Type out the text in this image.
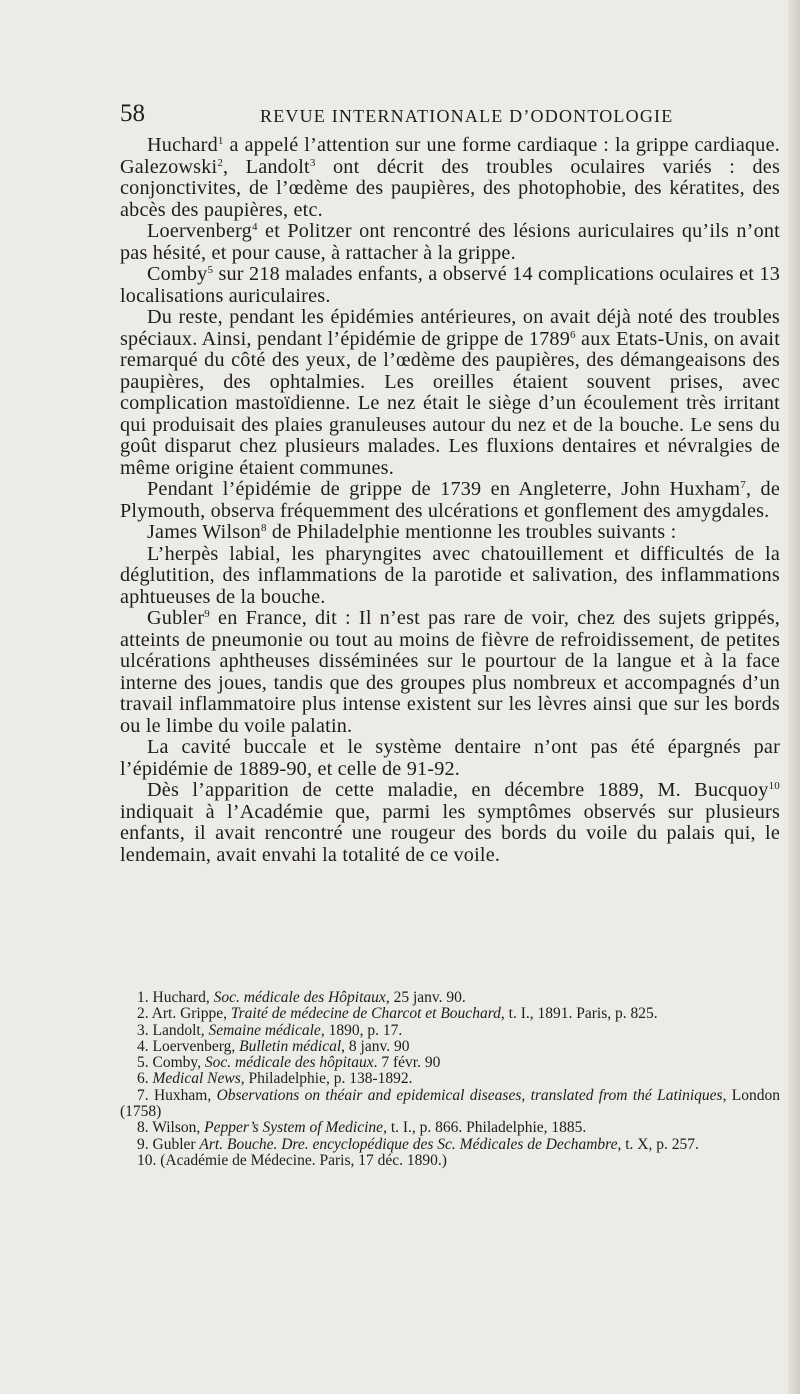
58	REVUE INTERNATIONALE D’ODONTOLOGIE

Huchard$^1$ a appelé l’attention sur une forme cardiaque : la grippe cardiaque. Galezowski$^2$, Landolt$^3$ ont décrit des troubles oculaires variés : des conjonctivites, de l’œdème des paupières, des photophobie, des kératites, des abcès des paupières, etc.

Loervenberg$^4$ et Politzer ont rencontré des lésions auriculaires qu’ils n’ont pas hésité, et pour cause, à rattacher à la grippe.

Comby$^5$ sur 218 malades enfants, a observé 14 complications oculaires et 13 localisations auriculaires.

Du reste, pendant les épidémies antérieures, on avait déjà noté des troubles spéciaux. Ainsi, pendant l’épidémie de grippe de 1789$^6$ aux Etats-Unis, on avait remarqué du côté des yeux, de l’œdème des paupières, des démangeaisons des paupières, des ophtalmies. Les oreilles étaient souvent prises, avec complication mastoïdienne. Le nez était le siège d’un écoulement très irritant qui produisait des plaies granuleuses autour du nez et de la bouche. Le sens du goût disparut chez plusieurs malades. Les fluxions dentaires et névralgies de même origine étaient communes.

Pendant l’épidémie de grippe de 1739 en Angleterre, John Huxham$^7$, de Plymouth, observa fréquemment des ulcérations et gonflement des amygdales.

James Wilson$^8$ de Philadelphie mentionne les troubles suivants :

L’herpès labial, les pharyngites avec chatouillement et difficultés de la déglutition, des inflammations de la parotide et salivation, des inflammations aphtueuses de la bouche.

Gubler$^9$ en France, dit : Il n’est pas rare de voir, chez des sujets grippés, atteints de pneumonie ou tout au moins de fièvre de refroidissement, de petites ulcérations aphtheuses disséminées sur le pourtour de la langue et à la face interne des joues, tandis que des groupes plus nombreux et accompagnés d’un travail inflammatoire plus intense existent sur les lèvres ainsi que sur les bords ou le limbe du voile palatin.

La cavité buccale et le système dentaire n’ont pas été épargnés par l’épidémie de 1889-90, et celle de 91-92.

Dès l’apparition de cette maladie, en décembre 1889, M. Bucquoy$^{10}$ indiquait à l’Académie que, parmi les symptômes observés sur plusieurs enfants, il avait rencontré une rougeur des bords du voile du palais qui, le lendemain, avait envahi la totalité de ce voile.

1. Huchard, Soc. médicale des Hôpitaux, 25 janv. 90.

2. Art. Grippe, Traité de médecine de Charcot et Bouchard, t. I., 1891. Paris, p. 825.

3. Landolt, Semaine médicale, 1890, p. 17.

4. Loervenberg, Bulletin médical, 8 janv. 90

5. Comby, Soc. médicale des hôpitaux. 7 févr. 90

6. Medical News, Philadelphie, p. 138-1892.

7. Huxham, Observations on théair and epidemical diseases, translated from thé Latiniques, London (1758)

8. Wilson, Pepper’s System of Medicine, t. I., p. 866. Philadelphie, 1885.

9. Gubler Art. Bouche. Dre. encyclopédique des Sc. Médicales de Dechambre, t. X, p. 257.

10. (Académie de Médecine. Paris, 17 déc. 1890.)
